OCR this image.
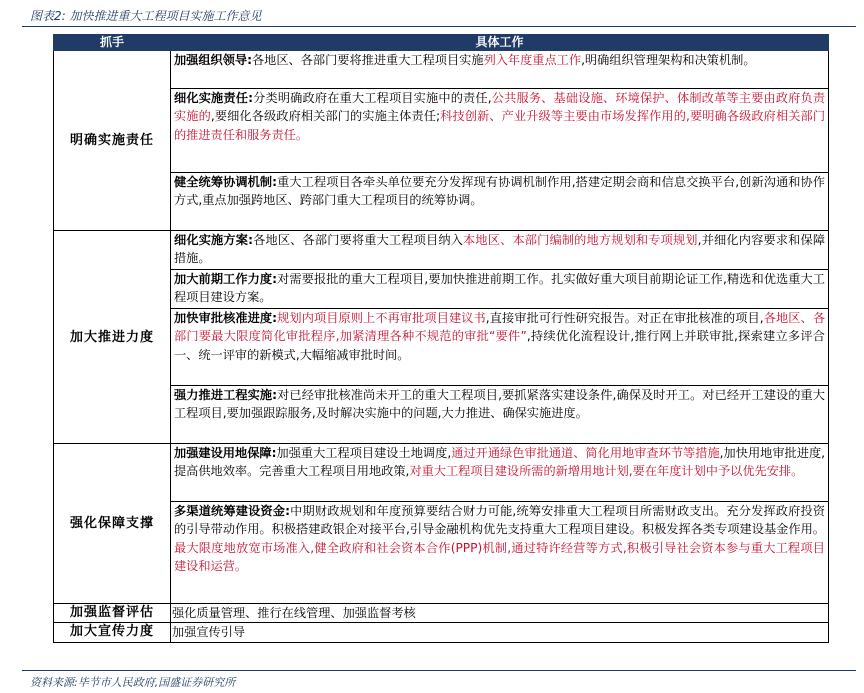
图表2: 加快推进重大工程项目实施工作意见
抓手	具体工作
明确实施责任	加强组织领导:各地区、各部门要将推进重大工程项目实施列入年度重点工作,明确组织管理架构和决策机制。
	细化实施责任:分类明确政府在重大工程项目实施中的责任,公共服务、基础设施、环境保护、体制改革等主要由政府负责实施的,要细化各级政府相关部门的实施主体责任;科技创新、产业升级等主要由市场发挥作用的,要明确各级政府相关部门的推进责任和服务责任。
	健全统筹协调机制:重大工程项目各牵头单位要充分发挥现有协调机制作用,搭建定期会商和信息交换平台,创新沟通和协作方式,重点加强跨地区、跨部门重大工程项目的统筹协调。
加大推进力度	细化实施方案:各地区、各部门要将重大工程项目纳入本地区、本部门编制的地方规划和专项规划,并细化内容要求和保障措施。
	加大前期工作力度:对需要报批的重大工程项目,要加快推进前期工作。扎实做好重大项目前期论证工作,精选和优选重大工程项目建设方案。
	加快审批核准进度:规划内项目原则上不再审批项目建议书,直接审批可行性研究报告。对正在审批核准的项目,各地区、各部门要最大限度简化审批程序,加紧清理各种不规范的审批“要件”,持续优化流程设计,推行网上并联审批,探索建立多评合一、统一评审的新模式,大幅缩减审批时间。
	强力推进工程实施:对已经审批核准尚未开工的重大工程项目,要抓紧落实建设条件,确保及时开工。对已经开工建设的重大工程项目,要加强跟踪服务,及时解决实施中的问题,大力推进、确保实施进度。
强化保障支撑	加强建设用地保障:加强重大工程项目建设土地调度,通过开通绿色审批通道、简化用地审查环节等措施,加快用地审批进度,提高供地效率。完善重大工程项目用地政策,对重大工程项目建设所需的新增用地计划,要在年度计划中予以优先安排。
	多渠道统筹建设资金:中期财政规划和年度预算要结合财力可能,统筹安排重大工程项目所需财政支出。充分发挥政府投资的引导带动作用。积极搭建政银企对接平台,引导金融机构优先支持重大工程项目建设。积极发挥各类专项建设基金作用。最大限度地放宽市场准入,健全政府和社会资本合作(PPP)机制,通过特许经营等方式,积极引导社会资本参与重大工程项目建设和运营。
加强监督评估	强化质量管理、推行在线管理、加强监督考核
加大宣传力度	加强宣传引导
资料来源:毕节市人民政府,国盛证券研究所
